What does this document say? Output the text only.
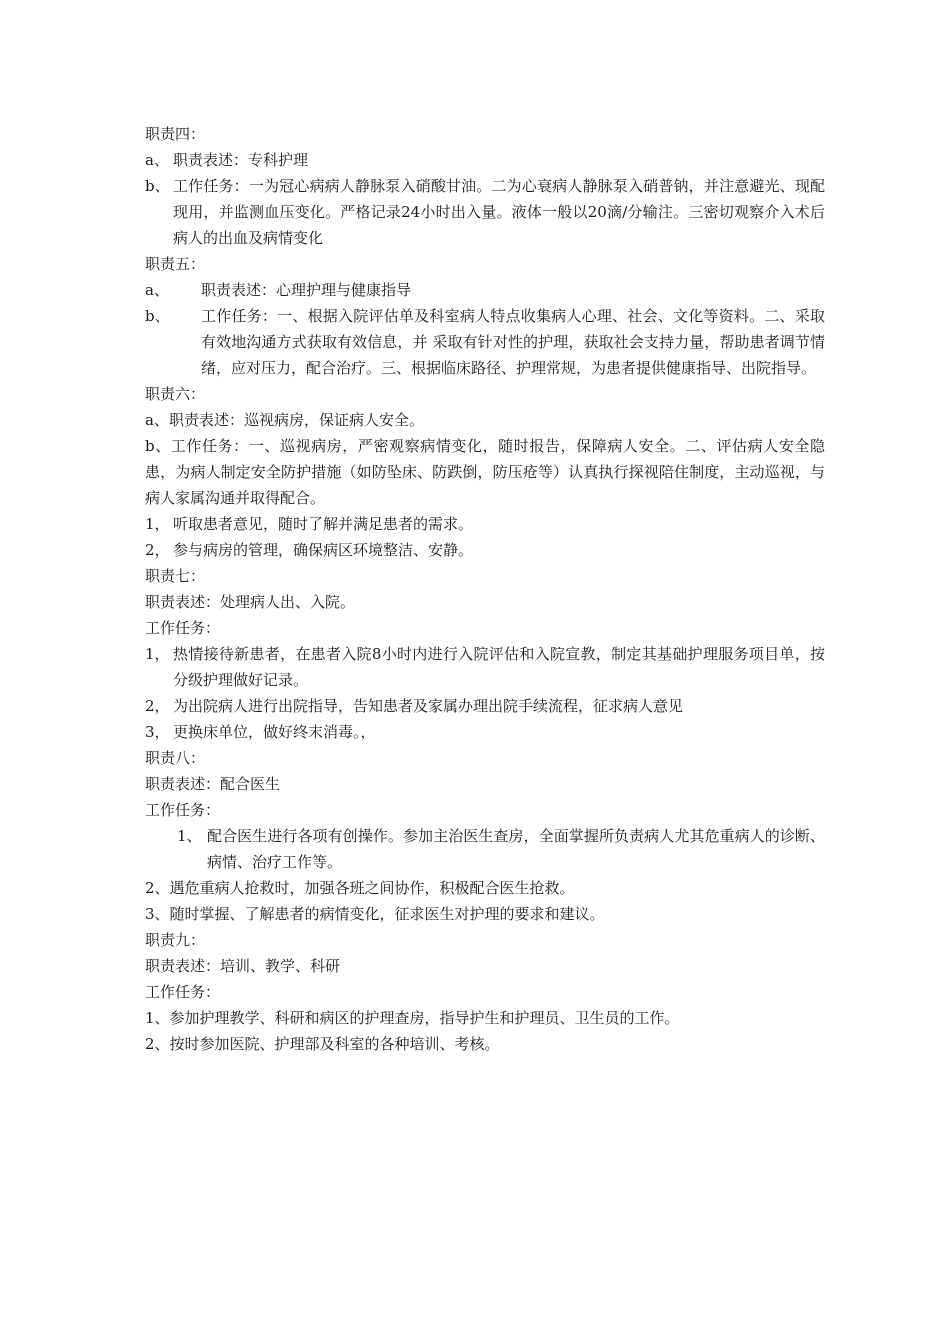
职责四：
a、 职责表述：专科护理
b、 工作任务：一为冠心病病人静脉泵入硝酸甘油。二为心衰病人静脉泵入硝普钠，并注意避光、现配现用，并监测血压变化。严格记录24小时出入量。液体一般以20滴/分输注。三密切观察介入术后病人的出血及病情变化
职责五：
a、	职责表述：心理护理与健康指导
b、	工作任务：一、根据入院评估单及科室病人特点收集病人心理、社会、文化等资料。二、采取有效地沟通方式获取有效信息，并 采取有针对性的护理，获取社会支持力量，帮助患者调节情绪，应对压力，配合治疗。三、根据临床路径、护理常规，为患者提供健康指导、出院指导。
职责六：
a、职责表述：巡视病房，保证病人安全。
b、工作任务：一、巡视病房，严密观察病情变化，随时报告，保障病人安全。二、评估病人安全隐患，为病人制定安全防护措施（如防坠床、防跌倒，防压疮等）认真执行探视陪住制度，主动巡视，与病人家属沟通并取得配合。
1， 听取患者意见，随时了解并满足患者的需求。
2， 参与病房的管理，确保病区环境整洁、安静。
职责七：
职责表述：处理病人出、入院。
工作任务：
1， 热情接待新患者，在患者入院8小时内进行入院评估和入院宣教，制定其基础护理服务项目单，按分级护理做好记录。
2， 为出院病人进行出院指导，告知患者及家属办理出院手续流程，征求病人意见
3， 更换床单位，做好终末消毒。，
职责八：
职责表述：配合医生
工作任务：
1、 配合医生进行各项有创操作。参加主治医生查房，全面掌握所负责病人尤其危重病人的诊断、病情、治疗工作等。
2、遇危重病人抢救时，加强各班之间协作，积极配合医生抢救。
3、随时掌握、了解患者的病情变化，征求医生对护理的要求和建议。
职责九：
职责表述：培训、教学、科研
工作任务：
1、参加护理教学、科研和病区的护理查房，指导护生和护理员、卫生员的工作。
2、按时参加医院、护理部及科室的各种培训、考核。
